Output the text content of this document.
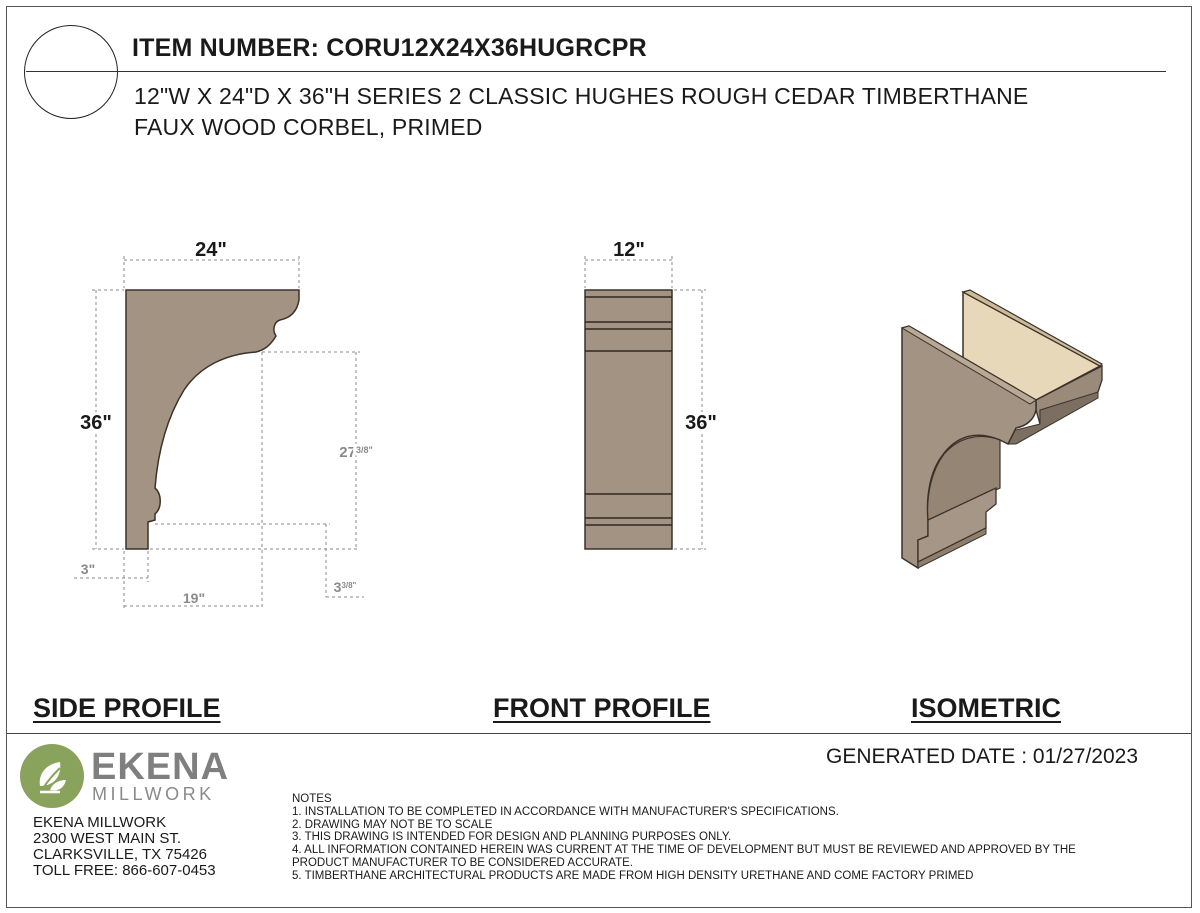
ITEM NUMBER: CORU12X24X36HUGRCPR
12"W X 24"D X 36"H SERIES 2 CLASSIC HUGHES ROUGH CEDAR TIMBERTHANE
FAUX WOOD CORBEL, PRIMED
24"
36"
$27^{3/8"}$
3"
19"
$3^{3/8"}$
12"
36"
SIDE PROFILE	FRONT PROFILE	ISOMETRIC
GENERATED DATE : 01/27/2023
EKENA
MILLWORK
EKENA MILLWORK
2300 WEST MAIN ST.
CLARKSVILLE, TX 75426
TOLL FREE: 866-607-0453
NOTES
1. INSTALLATION TO BE COMPLETED IN ACCORDANCE WITH MANUFACTURER'S SPECIFICATIONS.
2. DRAWING MAY NOT BE TO SCALE
3. THIS DRAWING IS INTENDED FOR DESIGN AND PLANNING PURPOSES ONLY.
4. ALL INFORMATION CONTAINED HEREIN WAS CURRENT AT THE TIME OF DEVELOPMENT BUT MUST BE REVIEWED AND APPROVED BY THE
PRODUCT MANUFACTURER TO BE CONSIDERED ACCURATE.
5. TIMBERTHANE ARCHITECTURAL PRODUCTS ARE MADE FROM HIGH DENSITY URETHANE AND COME FACTORY PRIMED
